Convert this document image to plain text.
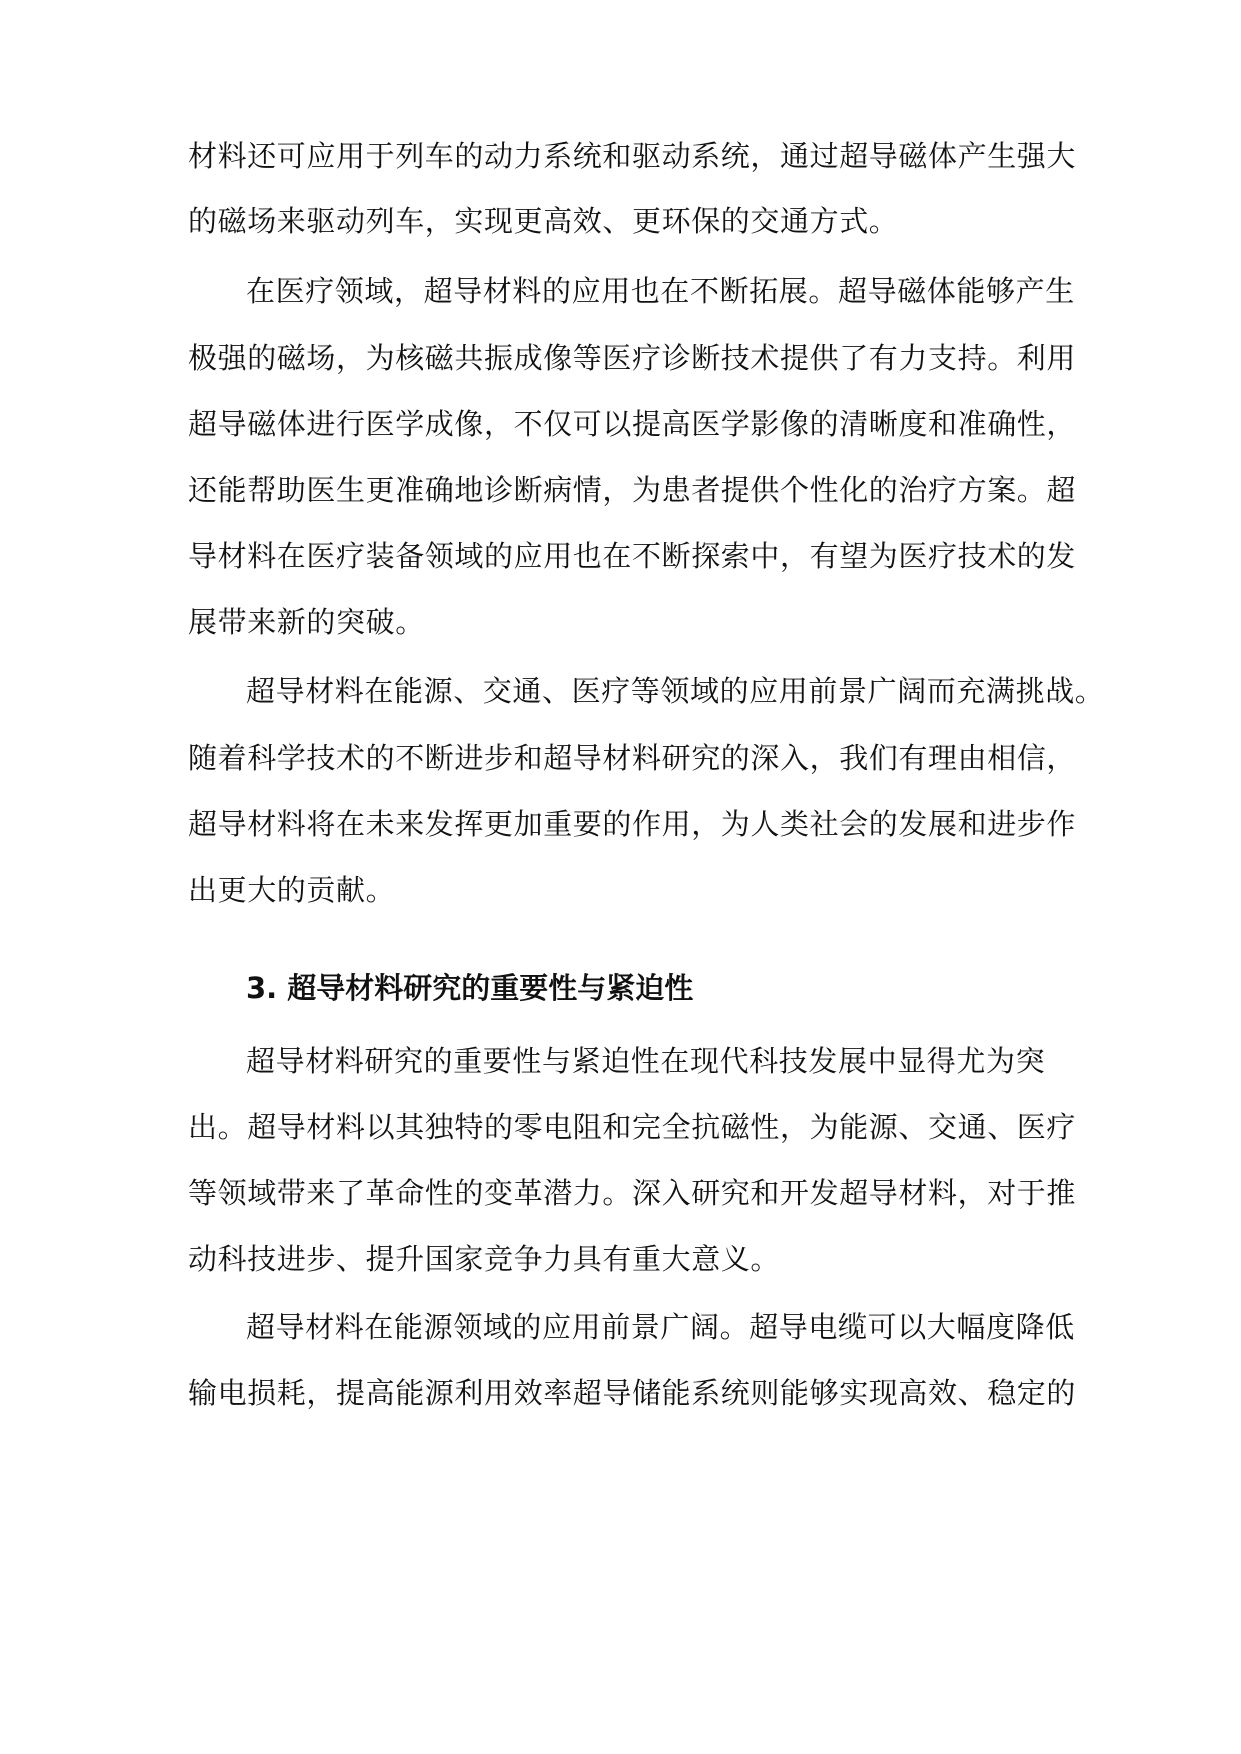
材料还可应用于列车的动力系统和驱动系统，通过超导磁体产生强大
的磁场来驱动列车，实现更高效、更环保的交通方式。
在医疗领域，超导材料的应用也在不断拓展。超导磁体能够产生
极强的磁场，为核磁共振成像等医疗诊断技术提供了有力支持。利用
超导磁体进行医学成像，不仅可以提高医学影像的清晰度和准确性，
还能帮助医生更准确地诊断病情，为患者提供个性化的治疗方案。超
导材料在医疗装备领域的应用也在不断探索中，有望为医疗技术的发
展带来新的突破。
超导材料在能源、交通、医疗等领域的应用前景广阔而充满挑战。
随着科学技术的不断进步和超导材料研究的深入，我们有理由相信，
超导材料将在未来发挥更加重要的作用，为人类社会的发展和进步作
出更大的贡献。
3. 超导材料研究的重要性与紧迫性
超导材料研究的重要性与紧迫性在现代科技发展中显得尤为突
出。超导材料以其独特的零电阻和完全抗磁性，为能源、交通、医疗
等领域带来了革命性的变革潜力。深入研究和开发超导材料，对于推
动科技进步、提升国家竞争力具有重大意义。
超导材料在能源领域的应用前景广阔。超导电缆可以大幅度降低
输电损耗，提高能源利用效率超导储能系统则能够实现高效、稳定的
